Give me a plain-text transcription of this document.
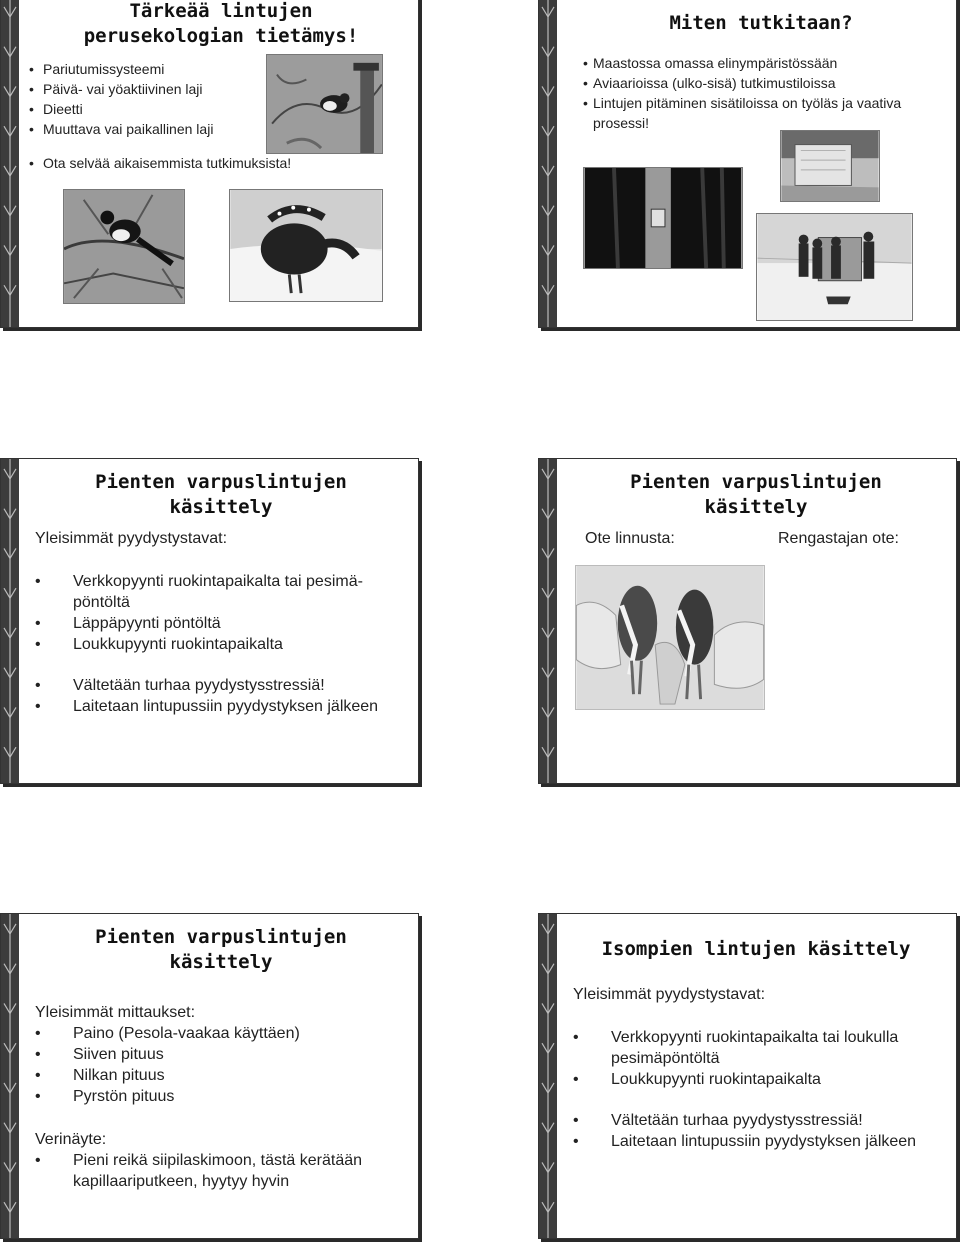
Tärkeää lintujen perusekologian tietämys!
• Pariutumissysteemi
• Päivä- vai yöaktiivinen laji
• Dieetti
• Muuttava vai paikallinen laji
• Ota selvää aikaisemmista tutkimuksista!
Miten tutkitaan?
• Maastossa omassa elinympäristössään
• Aviaarioissa (ulko-sisä) tutkimustiloissa
• Lintujen pitäminen sisätiloissa on työläs ja vaativa prosessi!
Pienten varpuslintujen käsittely

Yleisimmät pyydystystavat:

• Verkkopyynti ruokintapaikalta tai pesimä-pöntöltä
• Läppäpyynti pöntöltä
• Loukkupyynti ruokintapaikalta
• Vältetään turhaa pyydystysstressiä!
• Laitetaan lintupussiin pyydystyksen jälkeen
Pienten varpuslintujen käsittely
Ote linnusta:	Rengastajan ote:
Pienten varpuslintujen käsittely

Yleisimmät mittaukset:

• Paino (Pesola-vaakaa käyttäen)
• Siiven pituus
• Nilkan pituus
• Pyrstön pituus

Verinäyte:

• Pieni reikä siipilaskimoon, tästä kerätään kapillaariputkeen, hyytyy hyvin
Isompien lintujen käsittely

Yleisimmät pyydystystavat:

• Verkkopyynti ruokintapaikalta tai loukulla pesimäpöntöltä
• Loukkupyynti ruokintapaikalta
• Vältetään turhaa pyydystysstressiä!
• Laitetaan lintupussiin pyydystyksen jälkeen
